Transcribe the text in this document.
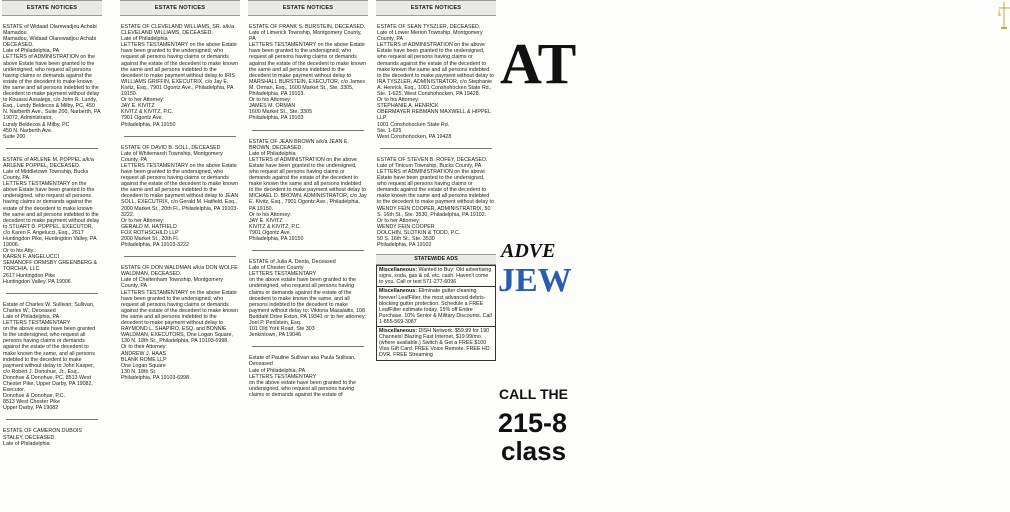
ESTATE NOTICES

ESTATE of Widaad Olarewadjou Achabi Mamadou
Mamadou, Widaad Olarewadjou Achabi DECEASED.
Late of Philadelphia, PA
LETTERS of ADMINISTRATION on the above Estate have been granted to the undersigned, who request all persons having claims or demands against the estate of the decedent to make known the same and all persons indebted to the decedent to make payment without delay to Kouassi Assalegs, c/o John R. Lundy, Esq., Lundy Beldecos & Milby, PC, 450 N. Narberth Ave., Suite 200, Narberth, PA 19072, Administrator.
Lundy Beldecos & Milby, PC
450 N. Narberth Ave.
Suite 200

ESTATE of ARLENE M. POPPEL a/k/a ARLENE POPPEL, DECEASED.
Late of Middletown Township, Bucks County, PA
LETTERS TESTAMENTARY on the above Estate have been granted to the undersigned, who request all persons having claims or demands against the estate of the decedent to make known the same and all persons indebted to the decedent to make payment without delay to STUART D. POPPEL, EXECUTOR, c/o Karen F. Angelucci, Esq., 2617 Huntingdon Pike, Huntingdon Valley, PA 19006.
Or to his Atty.:
KAREN F. ANGELUCCI
SEMANOFF ORMSBY GREENBERG & TORCHIA, LLC
2617 Huntingdon Pike
Huntingdon Valley, PA 19006

Estate of Charles W. Sullivan; Sullivan, Charles W., Deceased
Late of Philadelphia, PA
LETTERS TESTAMENTARY
on the above estate have been granted to the undersigned, who request all persons having claims or demands against the estate of the decedent to make known the same, and all persons indebted to the decedent to make payment without delay to John Kasper, c/o Robert J. Donohue, Jr., Esq., Donohue & Donohue, PC, 8513 West Chester Pike, Upper Darby, PA 19082, Executor.
Donohue & Donohue, P.C.
8513 West Chester Pike
Upper Darby, PA 19082

ESTATE OF CAMERON DUBOIS STALEY, DECEASED.
Late of Philadelphia

ESTATE NOTICES

ESTATE OF CLEVELAND WILLIAMS, SR. a/k/a CLEVELAND WILLIAMS, DECEASED.
Late of Philadelphia
LETTERS TESTAMENTARY on the above Estate have been granted to the undersigned, who request all persons having claims or demands against the estate of the decedent to make known the same and all persons indebted to the decedent to make payment without delay to IRIS WILLIAMS GRIFFIN, EXECUTRIX, c/o Jay E. Kivitz, Esq., 7901 Ogontz Ave., Philadelphia, PA 19150.
Or to her Attorney:
JAY E. KIVITZ
KIVITZ & KIVITZ, P.C.
7901 Ogontz Ave.
Philadelphia, PA 19150

ESTATE OF DAVID B. SOLL, DECEASED
Late of Whitemarsh Township, Montgomery County, PA
LETTERS TESTAMENTARY on the above Estate have been granted to the undersigned, who request all persons having claims or demands against the estate of the decedent to make known the same and all persons indebted to the decedent to make payment without delay to JEAN SOLL, EXECUTRIX, c/o Gerald M. Hatfield, Esq., 2000 Market St., 20th Fl., Philadelphia, PA 19103-3222.
Or to her Attorney:
GERALD M. HATFIELD
FOX ROTHSCHILD LLP
2000 Market St., 20th Fl.
Philadelphia, PA 19103-3222

ESTATE OF DON WALDMAN a/k/a DON WOLFE WALDMAN, DECEASED.
Late of Cheltenham Township, Montgomery County, PA
LETTERS TESTAMENTARY on the above Estate have been granted to the undersigned, who request all persons having claims or demands against the estate of the decedent to make known the same and all persons indebted to the decedent to make payment without delay to RAYMOND L. SHAPIRO, ESQ. and BONNIE WALDMAN, EXECUTORS, One Logan Square, 130 N. 18th St., Philadelphia, PA 19103-6998.
Or to their Attorney:
ANDREW J. HAAS
BLANK ROME LLP
One Logan Square
130 N. 18th St.
Philadelphia, PA 19103-6998

ESTATE NOTICES

ESTATE OF FRANK S. BURSTEIN, DECEASED.
Late of Limerick Township, Montgomery County, PA
LETTERS TESTAMENTARY on the above Estate have been granted to the undersigned, who request all persons having claims or demands against the estate of the decedent to make known the same and all persons indebted to the decedent to make payment without delay to MARSHALL BURSTEIN, EXECUTOR, c/o James M. Orman, Esq., 1600 Market St., Ste. 3305, Philadelphia, PA 19103.
Or to his Attorney:
JAMES M. ORMAN
1600 Market St., Ste. 3305
Philadelphia, PA 19103

ESTATE OF JEAN BROWN a/k/a JEAN E. BROWN, DECEASED.
Late of Philadelphia
LETTERS of ADMINISTRATION on the above Estate have been granted to the undersigned, who request all persons having claims or demands against the estate of the decedent to make known the same and all persons indebted to the decedent to make payment without delay to MICHAEL D. BROWN, ADMINISTRATOR, c/o Jay E. Kivitz, Esq., 7901 Ogontz Ave., Philadelphia, PA 19150.
Or to his Attorney:
JAY E. KIVITZ
KIVITZ & KIVITZ, P.C.
7901 Ogontz Ave.
Philadelphia, PA 19150

ESTATE of Julia A. Denta, Deceased
Late of Chester County
LETTERS TESTAMENTARY
on the above estate have been granted to the undersigned, who request all persons having claims or demands against the estate of the decedent to make known the same, and all persons indebted to the decedent to make payment without delay to: Viktoria Masalaitis, 108 Buddahl Drive Exton, PA 19341 or to her attorney:
Joel P. Perilstein, Esq.
101 Old York Road, Ste 303
Jenkintown, PA 19046

Estate of Pauline Sullivan aka Paula Sullivan, Deceased
Late of Philadelphia, PA
LETTERS TESTAMENTARY
on the above estate have been granted to the undersigned, who request all persons having claims or demands against the estate of

ESTATE NOTICES

ESTATE OF SEAN TYSZLER, DECEASED.
Late of Lower Merion Township, Montgomery County, PA
LETTERS of ADMINISTRATION on the above Estate have been granted to the undersigned, who request all persons having claims or demands against the estate of the decedent to make known the same and all persons indebted to the decedent to make payment without delay to IRA TYSZLER, ADMINISTRATOR, c/o Stephanie A. Henrick, Esq., 1001 Conshohocken State Rd., Ste. 1-625, West Conshohocken, PA 19428.
Or to his Attorney:
STEPHANIE A. HENRICK
OBERMAYER REBMANN MAXWELL & HIPPEL LLP
1001 Conshohocken State Rd.
Ste. 1-625
West Conshohocken, PA 19428

ESTATE OF STEVEN B. ROFEY, DECEASED.
Late of Tinicum Township, Bucks County, PA
LETTERS of ADMINISTRATION on the above Estate have been granted to the undersigned, who request all persons having claims or demands against the estate of the decedent to make known the same and all persons indebted to the decedent to make payment without delay to WENDY FEIN COOPER, ADMINISTRATRIX, 50 S. 16th St., Ste. 3530, Philadelphia, PA 19102.
Or to her Attorney:
WENDY FEIN COOPER
DOLCHIN, SLOTKIN & TODD, P.C.
50 S. 16th St., Ste. 3530
Philadelphia, PA 19102

STATEWIDE ADS
Miscellaneous: Wanted to Buy: Old advertising signs, soda, gas & oil, etc. cash. Haven't come to you. Call or text 571-277-6096
Miscellaneous: Eliminate gutter cleaning forever! LeafFilter, the most advanced debris-blocking gutter protection. Schedule a FREE LeafFilter estimate today. 15% off Entire Purchase. 10% Senior & Military Discounts. Call 1-855-569-3087
Miscellaneous: DISH Network. $59.99 for 190 Channels! Blazing Fast Internet, $19.99/mo. (where available.) Switch & Get a FREE $100 Visa Gift Card. FREE Voice Remote. FREE HD DVR. FREE Streaming
AT
ADVE
JEW
CALL THE
215-8
class
